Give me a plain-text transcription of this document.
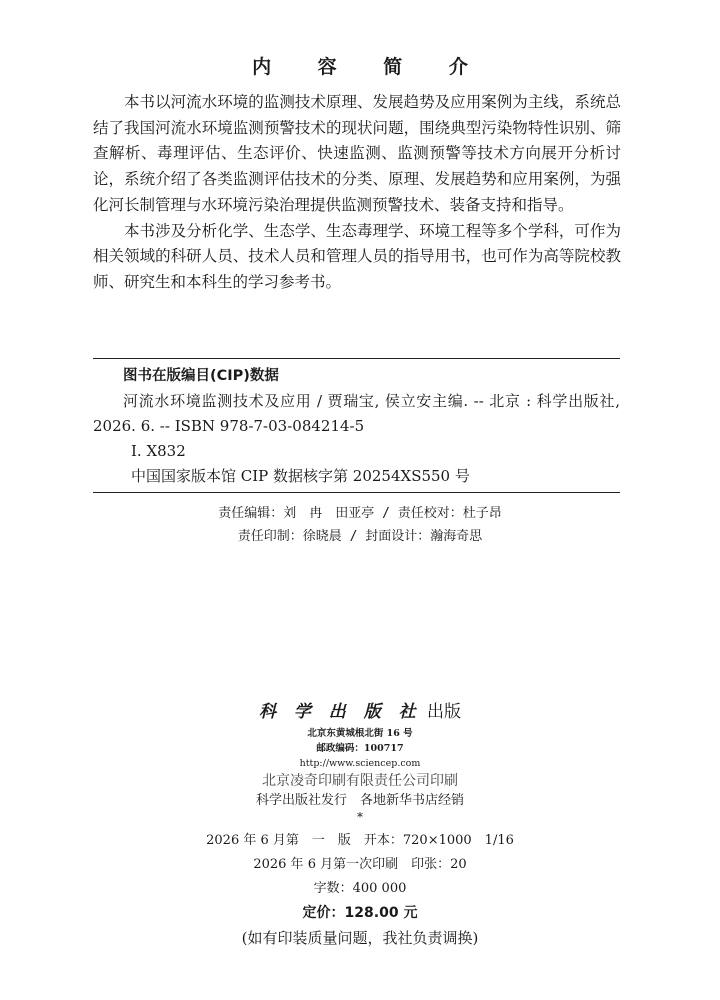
内 容 简 介

本书以河流水环境的监测技术原理、发展趋势及应用案例为主线，系统总结了我国河流水环境监测预警技术的现状问题，围绕典型污染物特性识别、筛查解析、毒理评估、生态评价、快速监测、监测预警等技术方向展开分析讨论，系统介绍了各类监测评估技术的分类、原理、发展趋势和应用案例，为强化河长制管理与水环境污染治理提供监测预警技术、装备支持和指导。

本书涉及分析化学、生态学、生态毒理学、环境工程等多个学科，可作为相关领域的科研人员、技术人员和管理人员的指导用书，也可作为高等院校教师、研究生和本科生的学习参考书。

图书在版编目(CIP)数据
河流水环境监测技术及应用 / 贾瑞宝, 侯立安主编. -- 北京 : 科学出版社, 2026. 6. -- ISBN 978-7-03-084214-5
Ⅰ. X832
中国国家版本馆 CIP 数据核字第 20254XS550 号
责任编辑：刘　冉　田亚亭 / 责任校对：杜子昂
责任印制：徐晓晨 / 封面设计：瀚海奇思
科 学 出 版 社 出版
北京东黄城根北街 16 号
邮政编码：100717
http://www.sciencep.com
北京凌奇印刷有限责任公司印刷
科学出版社发行　各地新华书店经销
*
2026 年 6 月第　一　版　开本：720×1000　1/16
2026 年 6 月第一次印刷　印张：20
字数：400 000
定价：128.00 元
(如有印装质量问题，我社负责调换)
